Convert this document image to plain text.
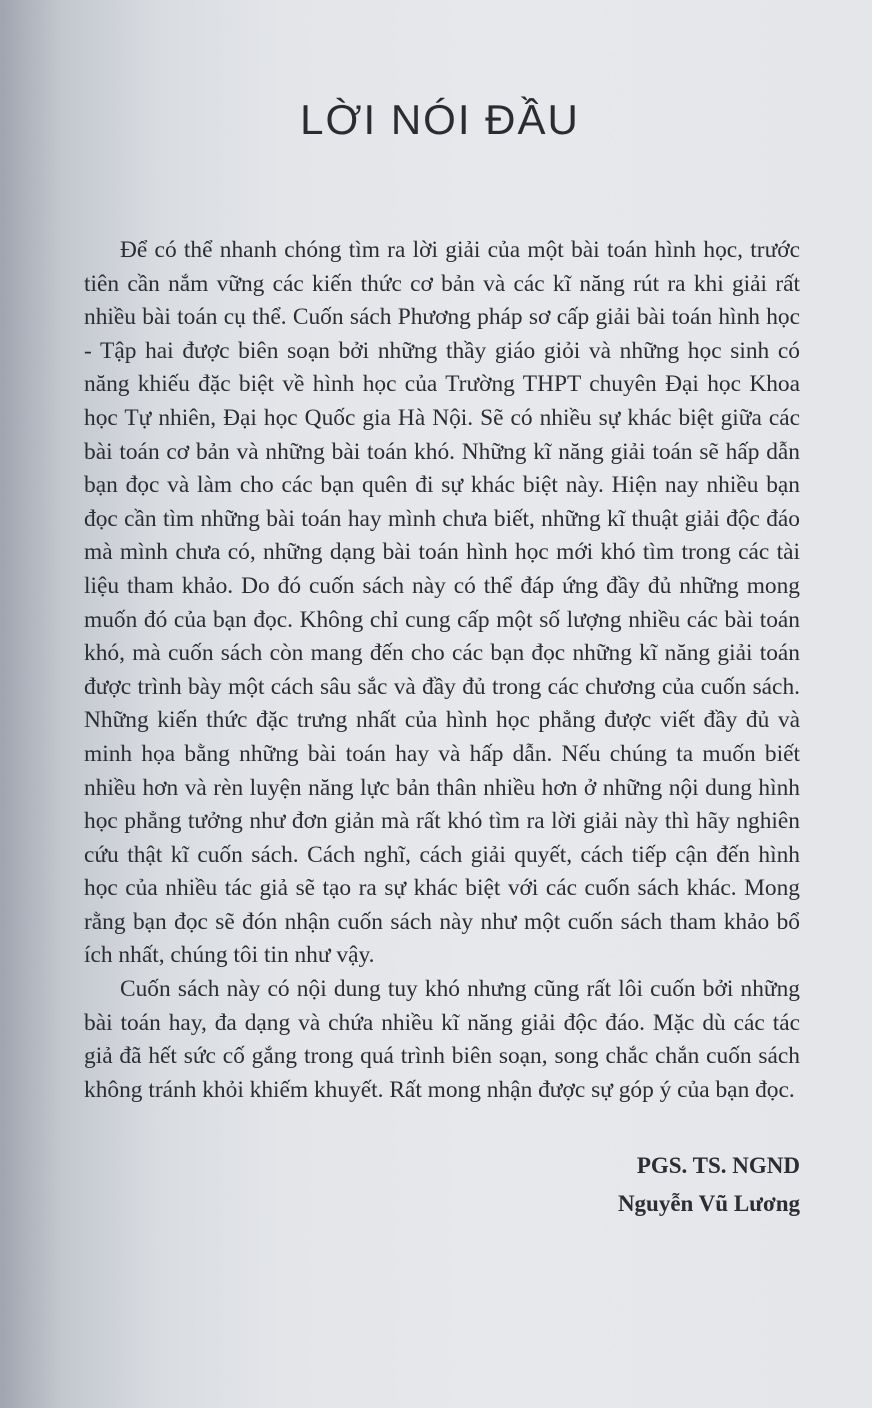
LỜI NÓI ĐẦU

Để có thể nhanh chóng tìm ra lời giải của một bài toán hình học, trước tiên cần nắm vững các kiến thức cơ bản và các kĩ năng rút ra khi giải rất nhiều bài toán cụ thể. Cuốn sách Phương pháp sơ cấp giải bài toán hình học - Tập hai được biên soạn bởi những thầy giáo giỏi và những học sinh có năng khiếu đặc biệt về hình học của Trường THPT chuyên Đại học Khoa học Tự nhiên, Đại học Quốc gia Hà Nội. Sẽ có nhiều sự khác biệt giữa các bài toán cơ bản và những bài toán khó. Những kĩ năng giải toán sẽ hấp dẫn bạn đọc và làm cho các bạn quên đi sự khác biệt này. Hiện nay nhiều bạn đọc cần tìm những bài toán hay mình chưa biết, những kĩ thuật giải độc đáo mà mình chưa có, những dạng bài toán hình học mới khó tìm trong các tài liệu tham khảo. Do đó cuốn sách này có thể đáp ứng đầy đủ những mong muốn đó của bạn đọc. Không chỉ cung cấp một số lượng nhiều các bài toán khó, mà cuốn sách còn mang đến cho các bạn đọc những kĩ năng giải toán được trình bày một cách sâu sắc và đầy đủ trong các chương của cuốn sách. Những kiến thức đặc trưng nhất của hình học phẳng được viết đầy đủ và minh họa bằng những bài toán hay và hấp dẫn. Nếu chúng ta muốn biết nhiều hơn và rèn luyện năng lực bản thân nhiều hơn ở những nội dung hình học phẳng tưởng như đơn giản mà rất khó tìm ra lời giải này thì hãy nghiên cứu thật kĩ cuốn sách. Cách nghĩ, cách giải quyết, cách tiếp cận đến hình học của nhiều tác giả sẽ tạo ra sự khác biệt với các cuốn sách khác. Mong rằng bạn đọc sẽ đón nhận cuốn sách này như một cuốn sách tham khảo bổ ích nhất, chúng tôi tin như vậy.

Cuốn sách này có nội dung tuy khó nhưng cũng rất lôi cuốn bởi những bài toán hay, đa dạng và chứa nhiều kĩ năng giải độc đáo. Mặc dù các tác giả đã hết sức cố gắng trong quá trình biên soạn, song chắc chắn cuốn sách không tránh khỏi khiếm khuyết. Rất mong nhận được sự góp ý của bạn đọc.

PGS. TS. NGND
Nguyễn Vũ Lương
